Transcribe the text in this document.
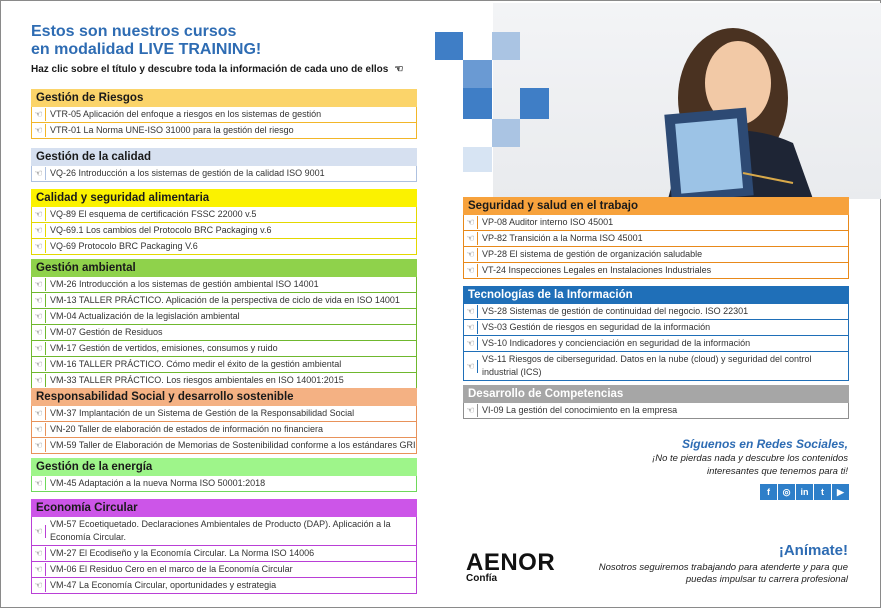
Estos son nuestros cursos
en modalidad LIVE TRAINING!
Haz clic sobre el título y descubre toda la información de cada uno de ellos ☜
Gestión de Riesgos
☜ VTR-05 Aplicación del enfoque a riesgos en los sistemas de gestión
☜ VTR-01 La Norma UNE-ISO 31000 para la gestión del riesgo
Gestión de la calidad
☜ VQ-26 Introducción a los sistemas de gestión de la calidad ISO 9001
Calidad y seguridad alimentaria
☜ VQ-89 El esquema de certificación FSSC 22000 v.5
☜ VQ-69.1 Los cambios del Protocolo BRC Packaging v.6
☜ VQ-69 Protocolo BRC Packaging V.6
Gestión ambiental
☜ VM-26 Introducción a los sistemas de gestión ambiental ISO 14001
☜ VM-13 TALLER PRÁCTICO. Aplicación de la perspectiva de ciclo de vida en ISO 14001
☜ VM-04 Actualización de la legislación ambiental
☜ VM-07 Gestión de Residuos
☜ VM-17 Gestión de vertidos, emisiones, consumos y ruido
☜ VM-16 TALLER PRÁCTICO. Cómo medir el éxito de la gestión ambiental
☜ VM-33 TALLER PRÁCTICO. Los riesgos ambientales en ISO 14001:2015
Responsabilidad Social y desarrollo sostenible
☜ VM-37 Implantación de un Sistema de Gestión de la Responsabilidad Social
☜ VN-20 Taller de elaboración de estados de información no financiera
☜ VM-59 Taller de Elaboración de Memorias de Sostenibilidad conforme a los estándares GRI
Gestión de la energía
☜ VM-45 Adaptación a la nueva Norma ISO 50001:2018
Economía Circular
☜
VM-57 Ecoetiquetado. Declaraciones Ambientales de Producto (DAP). Aplicación a la Economía Circular.
☜ VM-27 El Ecodiseño y la Economía Circular. La Norma ISO 14006
☜ VM-06 El Residuo Cero en el marco de la Economía Circular
☜ VM-47 La Economía Circular, oportunidades y estrategia
Seguridad y salud en el trabajo
☜ VP-08 Auditor interno ISO 45001
☜ VP-82 Transición a la Norma ISO 45001
☜ VP-28 El sistema de gestión de organización saludable
☜ VT-24 Inspecciones Legales en Instalaciones Industriales
Tecnologías de la Información
☜ VS-28 Sistemas de gestión de continuidad del negocio. ISO 22301
☜ VS-03 Gestión de riesgos en seguridad de la información
☜ VS-10 Indicadores y concienciación en seguridad de la información
☜
VS-11 Riesgos de ciberseguridad. Datos en la nube (cloud) y seguridad del control industrial (ICS)
Desarrollo de Competencias
☜ VI-09 La gestión del conocimiento en la empresa
Síguenos en Redes Sociales,
¡No te pierdas nada y descubre los contenidos interesantes que tenemos para ti!
f	◎	in	t	▶
AENOR
Confía
¡Anímate!
Nosotros seguiremos trabajando para atenderte y para que puedas impulsar tu carrera profesional
